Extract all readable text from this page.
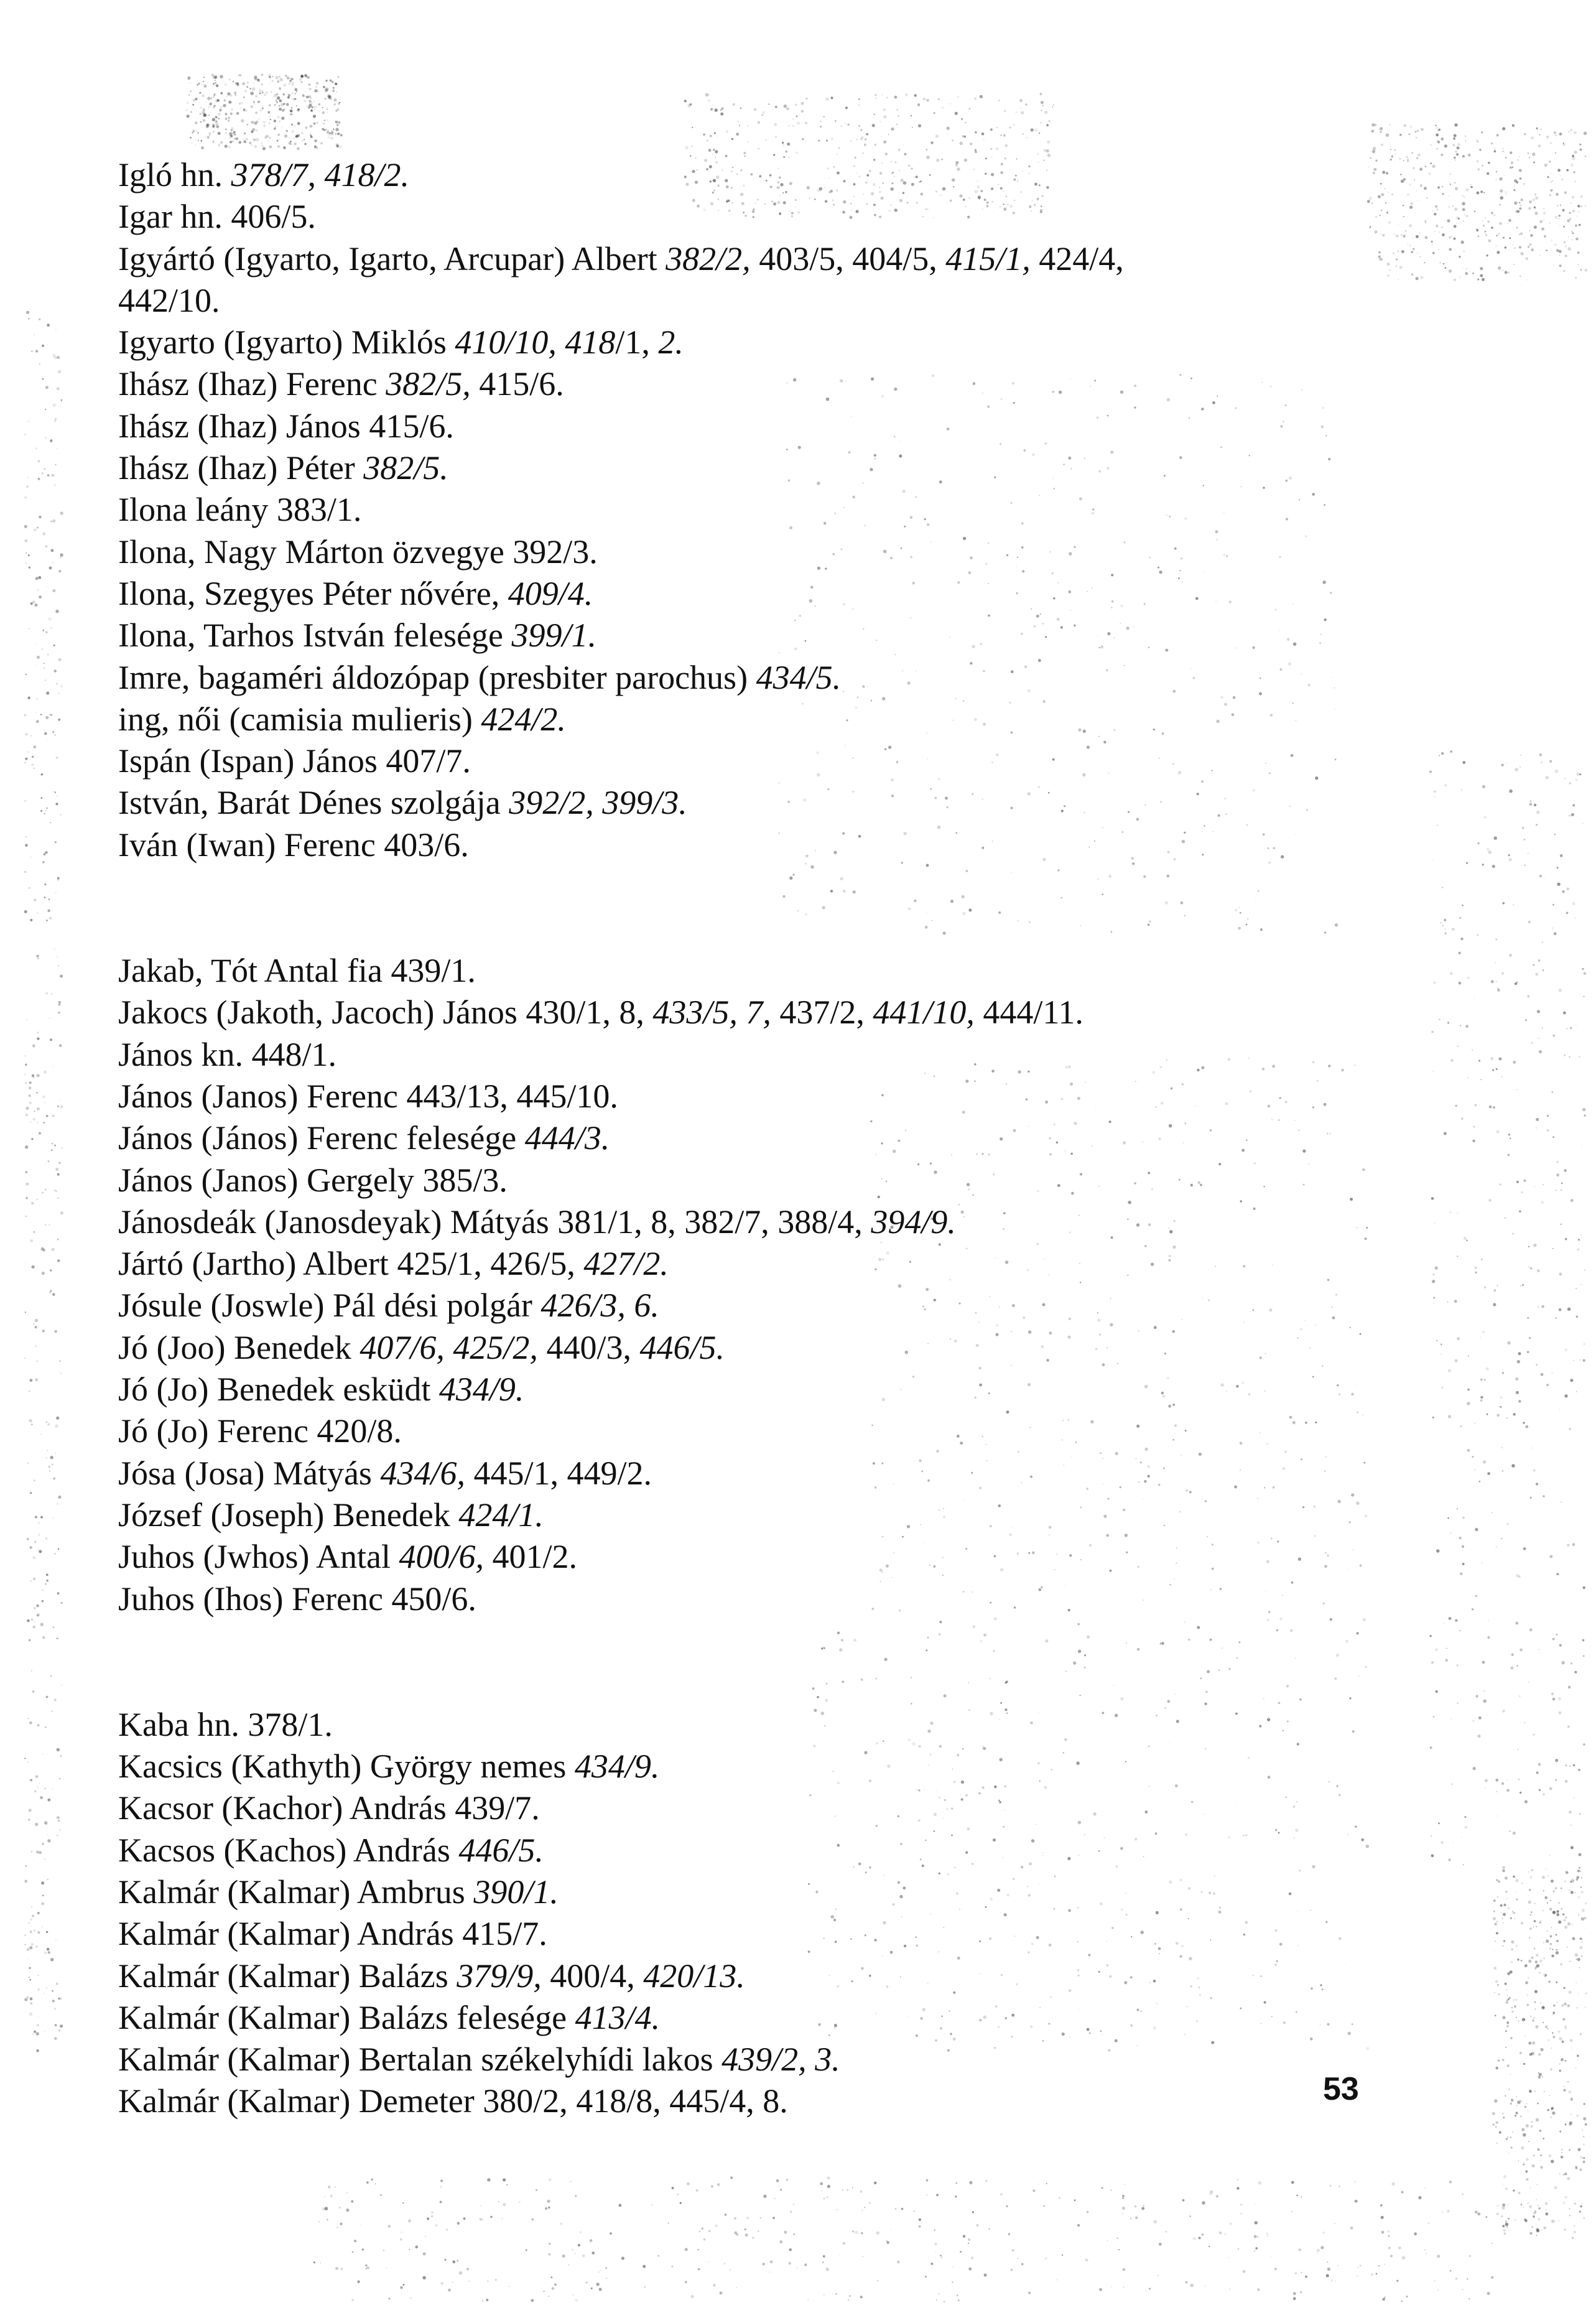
Igló hn. 378/7, 418/2.
Igar hn. 406/5.
Igyártó (Igyarto, Igarto, Arcupar) Albert 382/2, 403/5, 404/5, 415/1, 424/4,
442/10.
Igyarto (Igyarto) Miklós 410/10, 418/1, 2.
Ihász (Ihaz) Ferenc 382/5, 415/6.
Ihász (Ihaz) János 415/6.
Ihász (Ihaz) Péter 382/5.
Ilona leány 383/1.
Ilona, Nagy Márton özvegye 392/3.
Ilona, Szegyes Péter nővére, 409/4.
Ilona, Tarhos István felesége 399/1.
Imre, bagaméri áldozópap (presbiter parochus) 434/5.
ing, női (camisia mulieris) 424/2.
Ispán (Ispan) János 407/7.
István, Barát Dénes szolgája 392/2, 399/3.
Iván (Iwan) Ferenc 403/6.
Jakab, Tót Antal fia 439/1.
Jakocs (Jakoth, Jacoch) János 430/1, 8, 433/5, 7, 437/2, 441/10, 444/11.
János kn. 448/1.
János (Janos) Ferenc 443/13, 445/10.
János (János) Ferenc felesége 444/3.
János (Janos) Gergely 385/3.
Jánosdeák (Janosdeyak) Mátyás 381/1, 8, 382/7, 388/4, 394/9.
Jártó (Jartho) Albert 425/1, 426/5, 427/2.
Jósule (Joswle) Pál dési polgár 426/3, 6.
Jó (Joo) Benedek 407/6, 425/2, 440/3, 446/5.
Jó (Jo) Benedek esküdt 434/9.
Jó (Jo) Ferenc 420/8.
Jósa (Josa) Mátyás 434/6, 445/1, 449/2.
József (Joseph) Benedek 424/1.
Juhos (Jwhos) Antal 400/6, 401/2.
Juhos (Ihos) Ferenc 450/6.
Kaba hn. 378/1.
Kacsics (Kathyth) György nemes 434/9.
Kacsor (Kachor) András 439/7.
Kacsos (Kachos) András 446/5.
Kalmár (Kalmar) Ambrus 390/1.
Kalmár (Kalmar) András 415/7.
Kalmár (Kalmar) Balázs 379/9, 400/4, 420/13.
Kalmár (Kalmar) Balázs felesége 413/4.
Kalmár (Kalmar) Bertalan székelyhídi lakos 439/2, 3.
Kalmár (Kalmar) Demeter 380/2, 418/8, 445/4, 8.	53
